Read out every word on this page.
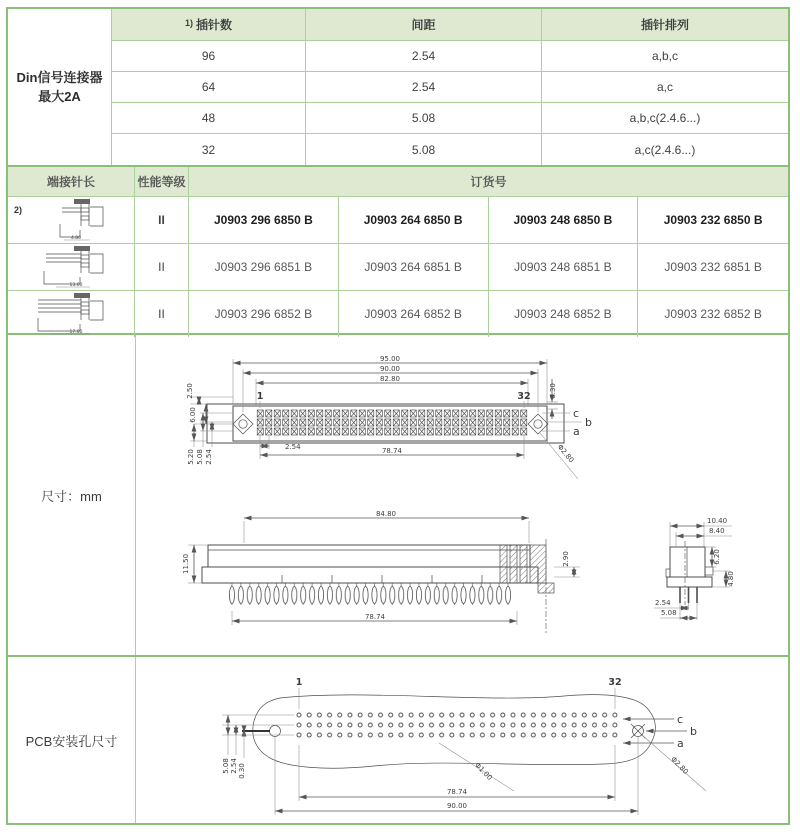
Din信号连接器
最大2A
$^{1)}$ 插针数	间距	插针排列
96	2.54	a,b,c
64	2.54	a,c
48	5.08	a,b,c(2.4.6...)
32	5.08	a,c(2.4.6...)
端接针长	性能等级	订货号
2)
4.80
II	J0903 296 6850 B	J0903 264 6850 B	J0903 248 6850 B	J0903 232 6850 B
13.00
II	J0903 296 6851 B	J0903 264 6851 B	J0903 248 6851 B	J0903 232 6851 B
17.00
II	J0903 296 6852 B	J0903 264 6852 B	J0903 248 6852 B	J0903 232 6852 B
尺寸：mm
95.00
90.00
82.80
1	32
2.50
6.00
5.20 5.08 2.54
2.54	78.74
0.30
c
b
a
Φ2.80
84.80
11.50	2.90
78.74
10.40
8.40
6.20
4.80
2.54
5.08
PCB安装孔尺寸
1	32
c
b
a
5.08 2.54 0.30	Φ1.00	Φ2.80
78.74
90.00
